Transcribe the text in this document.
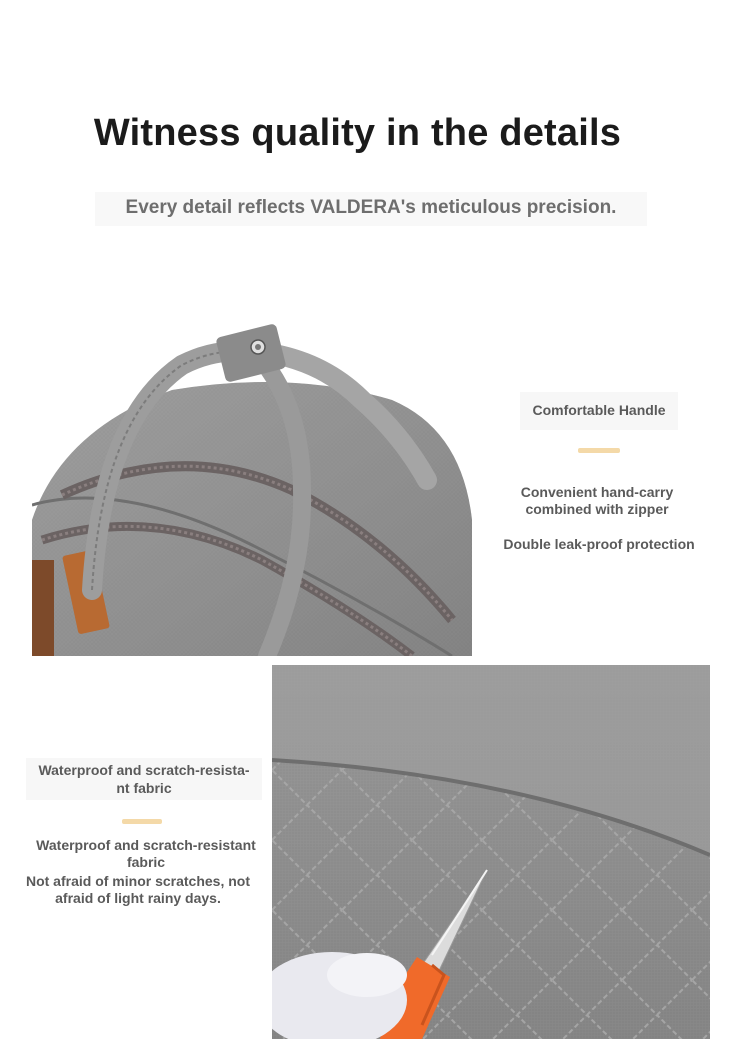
Witness quality in the details
Every detail reflects VALDERA's meticulous precision.
Comfortable Handle
Convenient hand-carry
combined with zipper
Double leak-proof protection
Waterproof and scratch-resista-
nt fabric
Waterproof and scratch-resistant
fabric
Not afraid of minor scratches, not
afraid of light rainy days.
